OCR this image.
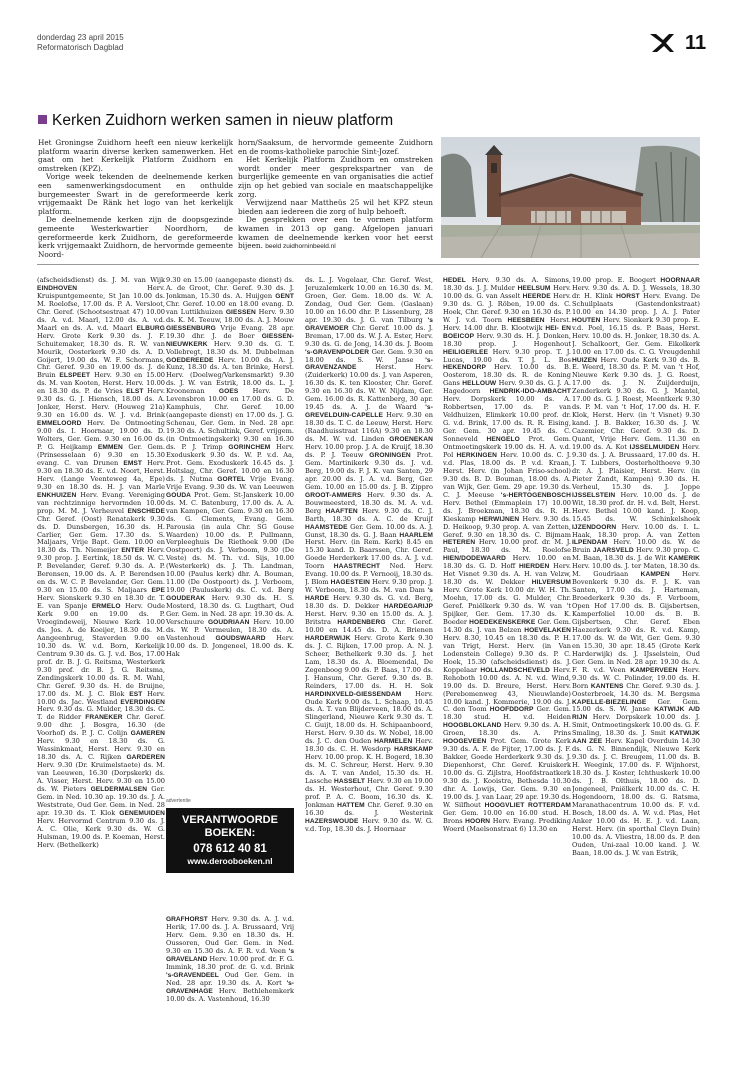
donderdag 23 april 2015
Reformatorisch Dagblad	11
Kerken Zuidhorn werken samen in nieuw platform

Het Groningse Zuidhorn heeft een nieuw kerkelijk platform waarin diverse kerken samenwerken. Het gaat om het Kerkelijk Platform Zuidhorn en omstreken (KPZ).

Vorige week tekenden de deelnemende kerken een samenwerkingsdocument en onthulde burgemeester Swart in de gereformeerde kerk vrijgemaakt De Ränk het logo van het kerkelijk platform.

De deelnemende kerken zijn de doopsgezinde gemeente Westerkwartier Noordhorn, de gereformeerde kerk Zuidhorn, de gereformeerde kerk vrijgemaakt Zuidhorn, de hervormde gemeente Noord-

horn/Saaksum, de hervormde gemeente Zuidhorn en de rooms-katholieke parochie Sint-Jozef.

Het Kerkelijk Platform Zuidhorn en omstreken wordt onder meer gesprekspartner van de burgerlijke gemeente en van organisaties die actief zijn op het gebied van sociale en maatschappelijke zorg.

Verwijzend naar Mattheüs 25 wil het KPZ steun bieden aan iedereen die zorg of hulp behoeft.

De gesprekken over een te vormen platform kwamen in 2013 op gang. Afgelopen januari kwamen de deelnemende kerken voor het eerst bijeen. beeld zuidhorninbeeld.nl

(afscheidsdienst) ds. J. M. van Wijk EINDHOVEN Herv. Kruispuntgemeente, St Jan 10.00 ds. M. Roelofse, 17.00 ds. P. A. Versloot, Chr. Geref. (Schootsestraat 47) 10.00 ds. A. v.d. Maarl, 12.00 ds. A. v.d. Maarl en ds. A. v.d. Maarl ELBURG Herv. Grote Kerk 9.30 ds. J. F. Schuitemaker, 18.30 ds. R. W. van Mourik, Oosterkerk 9.30 ds. A. D. Goijert, 19.00 ds. W. F. Schormans, Chr. Geref. 9.30 en 19.00 ds. J. de Bruin ELSPEET Herv. 9.30 en 15.00 ds. M. van Kooten, Herst. Herv. 10.00 en 18.30 ds. P. de Vries ELST Herv. 9.30 ds. G. J. Hiensch, 18.00 ds. A. Jonker, Herst. Herv. (Houweg 21a) 9.30 en 16.00 ds. W. J. v.d. Brink EMMELOORD Herv. De Ontmoeting 9.00 ds. I. Hoornaar, 19.00 ds. D. Wolters, Ger. Gem. 9.30 en 16.00 ds. P. G. Heijkamp EMMEN Ger. Gem. (Prinsesselaan 6) 9.30 en 15.30 evang. C. van Drunen EMST Herv. 9.30 en 18.30 ds. E. v.d. Noort, Herst. Herv. (Lange Veenteweg 4a, Epe) 9.30 en 18.30 ds. H. J. van Marle ENKHUIZEN Herv. Evang. Vereniging van rechtzinnige hervormden 10.00 prop. M. M. J. Verheuvel ENSCHEDE Chr. Geref. (Oost) Renatakerk 9.30 ds. D. Dunsbergen, 16.30 ds. H. Carlier, Ger. Gem. 17.30 ds. S. Maljaars, Vrije Bapt. Gem. 10.00 en 18.30 ds. Th. Niemeijer ENTER Herv. 9.30 prop. J. Eertink, 18.50 ds. W. C. P. Bevelander, Geref. 9.30 ds. A. P. Berensen, 19.00 ds. A. P. Berendsen en ds. W. C. P. Bevelander, Ger. Gem. 9.30 en 15.00 ds. S. Maljaars EPE Herv. Sionskerk 9.30 en 18.30 dr. T. E. van Spanje ERMELO Herv. Oude Kerk 9.00 en 19.00 ds. P. Vroegindeweij, Nieuwe Kerk 10.00 ds. Jos. A. de Koeijer, 18.30 ds. M. Aangeenbrug, Staverden 9.00 en 10.30 ds. W. v.d. Born, Kerkelijk Centrum 9.30 ds. G. J. v.d. Bos, 17.00 prof. dr. B. J. G. Reitsma, Westerkerk 9.30 prof. dr. B. J. G. Reitsma, Zendingskerk 10.00 ds. R. M. Wahl, Chr. Geref. 9.30 ds. H. de Bruijne, 17.00 ds. M. J. C. Blok EST Herv. 10.00 ds. Jac. Westland EVERDINGEN Herv. 9.30 ds. G. Mulder, 18.30 ds. C. T. de Ridder FRANEKER Chr. Geref. 9.00 dhr. J. Bosgra, 16.30 (de Voorhof) ds. P. J. C. Colijn GAMEREN Herv. 9.30 en 18.30 ds. G. Wassinkmaat, Herst. Herv. 9.30 en 18.30 ds. A. C. Rijken GARDEREN Herv. 9.30 (Dr. Kruimelstaete) ds. M. van Leeuwen, 16.30 (Dorpskerk) ds. A. Visser, Herst. Herv. 9.30 en 15.00 ds. W. Pieters GELDERMALSEN Ger. Gem. in Ned. 10.30 ap. 19.30 ds. J. A. Weststrate, Oud Ger. Gem. in Ned. 28 apr. 19.30 ds. T. Klok GENEMUIDEN Herv. Hervormd Centrum 9.30 ds. J. A. C. Olie, Kerk 9.30 ds. W. G. Hulsman, 19.00 ds. P. Koeman, Herst. Herv. (Bethelkerk)
9.30 en 15.00 (aangepaste dienst) ds. A. de Groot, Chr. Geref. 9.30 ds. J. Jonkman, 15.30 ds. A. Huijgen GENT Chr. Geref. 10.00 en 18.00 evang. D. van Luttikhuizen GIESSEN Herv. 9.30 ds. K. M. Teeuw, 18.00 ds. A. J. Mouw GIESSENBURG Vrije Evang. 28 apr. 19.30 dhr. J. de Boer GIESSEN-NIEUWKERK Herv. 9.30 ds. G. T. Vollebregt, 18.30 ds. M. Dubbelman GOEDEREEDE Herv. 10.00 ds. A. J. Kunz, 18.30 ds. A. ten Brinke, Herst. Herv. (Doelweg/Varkensmarkt) 9.30 ds. J. W. van Estrik, 18.00 ds. L. J. Krooneman GOES Herv. De Levensbron 10.00 en 17.00 ds. G. D. Kamphuis, Chr. Geref. 10.00 (aangepaste dienst) en 17.00 ds. J. G. Schenau, Ger. Gem. in Ned. 28 apr. 19.30 ds. A. Schultink, Geref. vrijgem. (in Ontmoetingskerk) 9.30 en 16.30 ds. P. J. Trimp GORINCHEM Herv. Exoduskerk 9.30 ds. W. P. v.d. Aa, Prot. Gem. Exoduskerk 16.45 ds. J. Holtslag, Chr. Geref. 10.00 en 16.30 ds. J. Nutma GORTEL Vrije Evang. Vrije Evang. 9.30 ds. W. van Leeuwen GOUDA Prot. Gem. St-Janskerk 10.00 ds. M. C. Batenburg, 17.00 ds. A. A. van Kampen, Ger. Gem. 9.30 en 16.30 ds. G. Clements, Evang. Gem. Parousia (in aula Chr. SG Gouse Waarden) 10.00 ds. P. Pullmann, Verpleeghuis De Riethoek 9.00 (De Oostpoort) ds. J. Verboom, 9.30 (De Veste) ds. M. Th. v.d. Sijs, 10.00 (Westerkerk) ds. J. Th. Landman, 10.00 (Paulus kerk) dhr. A. Bouman, 11.00 (De Oostpoort) ds. J. Verboom, 19.00 (Pauluskerk) ds. C. v.d. Berg GOUDERAK Herv. 9.30 ds. H. S. Mosterd, 18.30 ds. G. Lugthart, Oud Ger. Gem. in Ned. 28 apr. 19.30 ds. A. Verschuure GOUDRIAAN Herv. 10.00 ds. W. P. Vermeulen, 18.30 ds. A. Vastenhoud GOUDSWAARD Herv. 10.00 ds. D. Jongeneel, 18.00 ds. K. Hak
ds. L. J. Vogelaar, Chr. Geref. West, Jeruzalemkerk 10.00 en 16.30 ds. M. Groen, Ger. Gem. 18.00 ds. W. A. Zondag, Oud Ger. Gem. (Gaslaan) 10.00 en 16.00 dhr. P. Lissenburg, 28 apr. 19.30 ds. J. G. van Tilburg 's GRAVEMOER Chr. Geref. 10.00 ds. J. Breman, 17.00 ds. W. J. A. Ester, Herv. 9.30 ds. G. de Jong, 14.30 ds. J. Boom 's-GRAVENPOLDER Ger. Gem. 9.30 en 18.00 ds. S. W. Janse 's-GRAVENZANDE Herst. Herv. (Zuiderkerk) 10.00 ds. J. van Asperen, 16.30 ds. K. ten Klooster, Chr. Geref. 9.30 en 16.30 ds. W. W. Nijdam, Ger. Gem. 16.00 ds. R. Kattenberg, 30 apr. 19.45 ds. A. J. de Waard 's-GREVELDUIN-CAPELLE Herv. 9.30 en 18.30 ds. T. C. de Leeuw, Herst. Herv. (Raadhuisstraat 116A) 9.30 en 18.30 ds. M. W. v.d. Linden GROENEKAN Herv. 10.00 prop. J. A. de Kruijf, 18.30 ds. P. J. Teeuw GRONINGEN Prot. Gem. Martinikerk 9.30 ds. J. v.d. Berg, 19.00 ds. F. J. K. van Santen, 29 apr. 20.00 ds. J. A. v.d. Berg, Ger. Gem. 10.00 en 15.00 ds. J. B. Zippro GROOT-AMMERS Herv. 9.30 ds. A. Bouwmeesterd, 18.30 ds. M. A. v.d. Berg HAAFTEN Herv. 9.30 ds. C. J. Barth, 18.30 ds. A. C. de Kruijf HAAMSTEDE Ger. Gem. 10.00 ds. A. J. Gunst, 18.30 ds. G. J. Baan HAARLEM Herst. Herv. (in Rem. Kerk) 8.45 en 15.30 kand. D. Baarssen, Chr. Geref. Goede Herderkerk 17.00 ds. A. J. v.d. Toorn HAASTRECHT Ned. Herv. Evang. 10.00 ds. P. Vernooij, 18.30 ds. J. Blom HAGESTEIN Herv. 9.30 prop. J. W. Verboom, 18.30 ds. M. van Dam 's HARDE Herv. 9.30 ds. G. v.d. Berg, 18.30 ds. D. Dekker HARDEGARIJP Herst. Herv. 9.30 en 15.00 ds. A. J. Britstra HARDENBERG Chr. Geref. 10.00 en 14.45 ds. D. A. Brienen HARDERWIJK Herv. Grote Kerk 9.30 ds. J. C. Rijken, 17.00 prop. A. N. J. Scheer, Bethelkerk 9.30 ds. J. het Lam, 18.30 ds. A. Bloemendal, De Zegenboog 9.00 ds. P. Baas, 17.00 ds. J. Hansum, Chr. Geref. 9.30 ds. B. Reinders, 17.00 ds. H. H. Sok HARDINXVELD-GIESSENDAM Herv. Oude Kerk 9.00 ds. L. Schaap, 10.45 ds. A. T. van Blijderveen, 18.00 ds. A. Slingerland, Nieuwe Kerk 9.30 ds. T. C. Guijt, 18.00 ds. H. Schipaanboord, Herst. Herv. 9.30 ds. W. Nobel, 18.00 ds. J. C. den Ouden HARMELEN Herv. 18.30 ds. C. H. Wesdorp HARSKAMP Herv. 10.00 prop. K. H. Bogerd, 18.30 ds. M. C. Schreur, Herst. Herv. 9.30 ds. A. T. van Andel, 15.30 ds. H. Lassche HASSELT Herv. 9.30 en 19.00 ds. H. Westerhout, Chr. Geref. 9.30 prof. P. A. C. Boom, 16.30 ds. K. Jonkman HATTEM Chr. Geref. 9.30 en 16.30 ds. J. Westerink HAZERSWOUDE Herv. 9.30 ds. W. G. v.d. Top, 18.30 ds. J. Hoornaar
HEDEL Herv. 9.30 ds. A. Simons, 18.30 ds. J. J. Mulder HEELSUM Herv. 10.00 ds. G. van Asselt HEERDE Herv. 9.30 ds. G. J. Röben, 19.00 ds. C. Hoek, Chr. Geref. 9.30 en 16.30 ds. P. W. J. v.d. Toorn HEESBEEN Herst. Herv. 14.00 dhr. B. Klootwijk HEI- EN BOEICOP Herv. 9.30 ds. H. J. Donken, 18.30 prop. J. Hogenhout HEILIGERLEE Herv. 9.30 prop. T. J. Lucas, 19.00 ds. T. J. L. Bos HEKENDORP Herv. 10.00 ds. B. Oosterom, 18.30 ds. R. de Koning Gans HELLOUW Herv. 9.30 ds. G. J. A. Hagedoorn HENDRIK-IDO-AMBACHT Herv. Dorpskerk 10.00 ds. A. Robbertsen, 17.00 ds. P. van Veldhuizen, Elimkerk 10.00 prof. dr. G. v.d. Brink, 17.00 ds. R. R. Eising, Ger. Gem. 30 apr. 19.45 ds. C. Sonneveld HENGELO Prot. Gem. Ontmoetingskerk 19.00 ds. H. A. v.d. Pol HERKINGEN Herv. 10.00 ds. C. J. v.d. Plas, 18.00 ds. P. v.d. Kraan, Herst. Herv. (in Johan Friso-school) 9.30 ds. B. D. Bouman, 18.00 ds. A. van Wijk, Ger. Gem. 29 apr. 19.30 ds. C. J. Meeuse 's-HERTOGENBOSCH Herv. Bethel (Emmaplein 17) 10.00 ds. J. Broekman, 18.30 ds. R. H. Kieskamp HERWIJNEN Herv. 9.30 ds. D. Heikoop, 9.30 prop. A. van Zetten, Geref. 9.30 en 18.30 ds. C. Bijmam HETEREN Herv. 10.00 prof. dr. M. J. Paul, 18.30 ds. M. Roelofse HIEN/DODEWAARD Herv. 10.00 en 18.30 ds. G. D. Hoff HIERDEN Herv. Het Visnet 9.30 ds. A. H. van Velzw, 18.30 ds. W. Dekker HILVERSUM Herv. Grote Kerk 10.00 dr. W. H. Th. Moehn, 17.00 ds. G. Mulder, Chr. Geref. Pniëlkerk 9.30 ds. W. van 't Spijker, Ger. Gem. 17.30 ds. K. Boeder HOEDEKENSKERKE Ger. Gem. 14.30 ds. J. van Belzen HOEVELAKEN Herv. 8.30, 10.45 en 18.30 ds. P. H. van Trigt, Herst. Herv. (in Van Lodenstein College) 9.30 ds. P. C. Hoek, 15.30 (afscheidsdienst) ds. J. Koppelaar HOLLANDSCHEVELD Herv. Rehoboth 10.00 ds. A. N. v.d. Wind, 19.00 ds. D. Breure, Herst. Herv. (Perebomenweg 43, Nieuwlande) 10.00 kand. J. Kommerie, 19.00 ds. J. C. den Toom HOOFDDORP Ger. Gem. 18.30 stud. H. v.d. Heiden HOOGBLOKLAND Herv. 9.30 ds. A. H. Groen, 18.30 ds. A. Prins HOOGEVEEN Prot. Gem. Grote Kerk 9.30 ds. A. F. de Fijter, 17.00 ds. J. F. Bakker, Goede Herderkerk 9.30 ds. J. Diepenhorst, Chr. Geref. Kruiskerk 10.00 ds. G. Zijlstra, Hoofdstraatkerk 9.30 ds. J. Kooistra, Bethesda 10.30 dhr. A. Lowijs, Ger. Gem. 9.30 en 19.00 ds. J. van Laar, 29 apr. 19.30 ds. W. Silfhout HOOGVLIET ROTTERDAM Ger. Gem. 10.00 en 16.00 stud. H. Brons HOORN Herv. Evang. Prediking Woerd (Maelsonstraat 6) 13.30 en
19.00 prop. E. Boogert HOORNAAR Herv. 9.30 ds. A. D. J. Wessels, 18.30 dr. H. Klink HORST Herv. Evang. De Schuilplaats (Gastendonkstraat) 10.00 en 14.30 prop. J. A. J. Pater HOUTEN Herv. Sionkerk 9.30 prop. E. v.d. Poel, 16.15 ds. P. Baas, Herst. Herv. 10.00 ds. H. Jonker, 18.30 ds. A. J. Schalkoort, Ger. Gem. Eikolkerk 10.00 en 17.00 ds. C. G. Vreugdenhil HUIZEN Herv. Oude Kerk 9.30 ds. B. E. Weerd, 18.30 ds. P. M. van 't Hof, Nieuwe Kerk 9.30 ds. J. G. Roest, 17.00 ds. J. N. Zuijderduijn, Zenderkerk 9.30 ds. G. J. Mantel, 17.00 ds. G. J. Roest, Meentkerk 9.30 ds. P. M. van 't Hof, 17.00 ds. H. F. Klok, Herst. Herv. (in 't Visnet) 9.30 kand. J. B. Bakker, 16.30 ds. J. W. Cazemier, Chr. Geref. 9.30 ds. D. Quant, Vrije Herv. Gem. 11.30 en 19.00 ds. A. Kot IJSSELMUIDEN Herv. 9.30 ds. J. A. Brussaard, 17.00 ds. H. J. T. Lubbers, Oosterholthoeve 9.30 dr. A. J. Plaisier, Herst. Herv. (in Pieter Zandt, Kampen) 9.30 ds. H. Verheul, 15.30 ds. J. Joppe IJSSELSTEIN Herv. 10.00 ds. J. de Wit, 18.30 prof. dr. H. v.d. Belt, Herst. Herv. Bethel 10.00 kand. J. Koop, 15.45 ds. W. Schinkelshoek IJZENDOORN Herv. 10.00 ds. I. L. Haak, 18.30 prop. A. van Zetten ILPENDAM Herv. 10.00 ds. W. de Bruin JAARSVELD Herv. 9.30 prop. C. M. Baan, 18.30 ds. J. de Wit KAMERIK Herv. 10.00 ds. J. ter Maten, 18.30 ds. M. Goudriaan KAMPEN Herv. Bovenkerk 9.30 ds. F. J. K. van Santen, 17.00 ds. J. Harteman, Broederkerk 9.30 ds. F. Verboom, Open Hof 17.00 ds. B. Gijsbertsen, Kamperfoliel 10.00 ds. B. B. Gijsbertsen, Chr. Geref. Eben Haezerkerk 9.30 ds. R. v.d. Kamp, 17.00 ds. W. de Wit, Ger. Gem. 9.30 en 15.30, 30 apr. 18.45 (Grote Kerk Harderwijk) ds. J. IJsselstein, Oud Ger. Gem. in Ned. 28 apr. 19.30 ds. A. F. R. v.d. Veen KAMPERVEEN Herv. 9.30 ds. W. C. Polinder, 19.00 ds. H. Born KANTENS Chr. Geref. 9.30 ds. J. Oosterbroek, 14.30 ds. M. Bergsma KAPELLE-BIEZELINGE Ger. Gem. 15.00 ds. S. W. Janse KATWIJK A/D RIJN Herv. Dorpskerk 10.00 ds. J. Smit, Ontmoetingskerk 10.00 ds. G. F. Smaling, 18.30 ds. J. Smit KATWIJK AAN ZEE Herv. Kapel Overduin 14.30 ds. G. N. Binnendijk, Nieuwe Kerk 9.30 ds. J. C. Breugem, 11.00 ds. B. H. Weegink, 17.00 ds. F. Wijnhorst, 18.30 ds. J. Koster, Ichthuskerk 10.00 ds. J. B. Olthuis, 18.00 ds. D. Jongeneel, Pniëlkerk 10.00 ds. C. H. Hogendoorn, 18.00 ds. G. Ratsma, Maranathacentrum 10.00 ds. F. v.d. Bosch, 18.00 ds. A. W. v.d. Plas, Het Anker 10.00 ds. H. E. J. v.d. Laan, Herst. Herv. (in sporthal Cleyn Duin) 10.00 ds. A. Vliestra, 18.00 ds. P. den Ouden, Uni-zaal 10.00 kand. J. W. Baan, 18.00 ds. J. W. van Estrik,
advertentie
VERANTWOORDE
BOEKEN:
078 612 40 81
www.derooboeken.nl
GRAFHORST Herv. 9.30 ds. A. J. v.d. Herik, 17.00 ds. J. A. Brussaard, Vrij Herv. Gem. 9.30 en 18.30 ds. H. Oussoren, Oud Ger. Gem. in Ned. 9.30 en 15.30 ds. A. F. R. v.d. Veen 's GRAVELAND Herv. 10.00 prof. dr. F. G. Immink, 18.30 prof. dr. G. v.d. Brink 's-GRAVENDEEL Oud Ger. Gem. in Ned. 28 apr. 19.30 ds. A. Kort 's-GRAVENHAGE Herv. Bethlehemkerk 10.00 ds. A. Vastenhoud, 16.30
